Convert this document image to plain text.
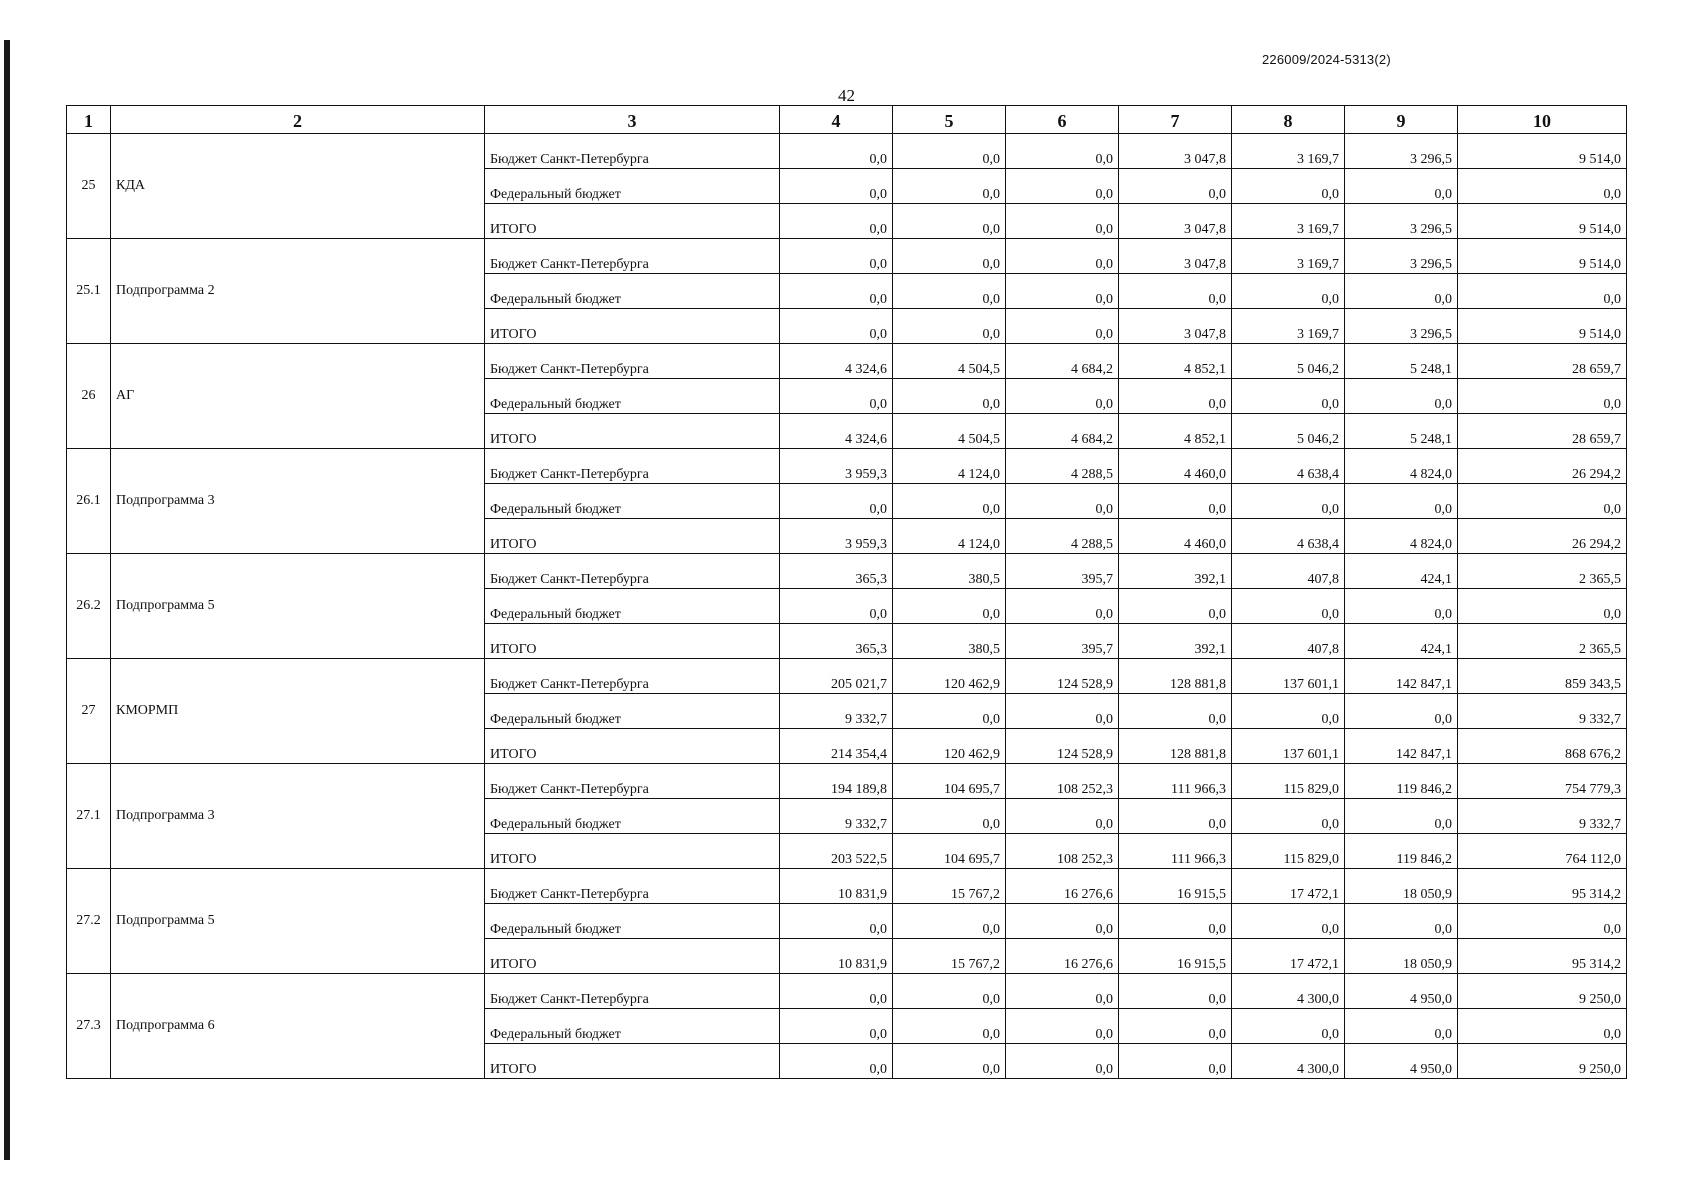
226009/2024-5313(2)
42
1	2	3	4	5	6	7	8	9	10
25	КДА	Бюджет Санкт-Петербурга	0,0	0,0	0,0	3 047,8	3 169,7	3 296,5	9 514,0
		Федеральный бюджет	0,0	0,0	0,0	0,0	0,0	0,0	0,0
		ИТОГО	0,0	0,0	0,0	3 047,8	3 169,7	3 296,5	9 514,0
25.1	Подпрограмма 2	Бюджет Санкт-Петербурга	0,0	0,0	0,0	3 047,8	3 169,7	3 296,5	9 514,0
		Федеральный бюджет	0,0	0,0	0,0	0,0	0,0	0,0	0,0
		ИТОГО	0,0	0,0	0,0	3 047,8	3 169,7	3 296,5	9 514,0
26	АГ	Бюджет Санкт-Петербурга	4 324,6	4 504,5	4 684,2	4 852,1	5 046,2	5 248,1	28 659,7
		Федеральный бюджет	0,0	0,0	0,0	0,0	0,0	0,0	0,0
		ИТОГО	4 324,6	4 504,5	4 684,2	4 852,1	5 046,2	5 248,1	28 659,7
26.1	Подпрограмма 3	Бюджет Санкт-Петербурга	3 959,3	4 124,0	4 288,5	4 460,0	4 638,4	4 824,0	26 294,2
		Федеральный бюджет	0,0	0,0	0,0	0,0	0,0	0,0	0,0
		ИТОГО	3 959,3	4 124,0	4 288,5	4 460,0	4 638,4	4 824,0	26 294,2
26.2	Подпрограмма 5	Бюджет Санкт-Петербурга	365,3	380,5	395,7	392,1	407,8	424,1	2 365,5
		Федеральный бюджет	0,0	0,0	0,0	0,0	0,0	0,0	0,0
		ИТОГО	365,3	380,5	395,7	392,1	407,8	424,1	2 365,5
27	КМОРМП	Бюджет Санкт-Петербурга	205 021,7	120 462,9	124 528,9	128 881,8	137 601,1	142 847,1	859 343,5
		Федеральный бюджет	9 332,7	0,0	0,0	0,0	0,0	0,0	9 332,7
		ИТОГО	214 354,4	120 462,9	124 528,9	128 881,8	137 601,1	142 847,1	868 676,2
27.1	Подпрограмма 3	Бюджет Санкт-Петербурга	194 189,8	104 695,7	108 252,3	111 966,3	115 829,0	119 846,2	754 779,3
		Федеральный бюджет	9 332,7	0,0	0,0	0,0	0,0	0,0	9 332,7
		ИТОГО	203 522,5	104 695,7	108 252,3	111 966,3	115 829,0	119 846,2	764 112,0
27.2	Подпрограмма 5	Бюджет Санкт-Петербурга	10 831,9	15 767,2	16 276,6	16 915,5	17 472,1	18 050,9	95 314,2
		Федеральный бюджет	0,0	0,0	0,0	0,0	0,0	0,0	0,0
		ИТОГО	10 831,9	15 767,2	16 276,6	16 915,5	17 472,1	18 050,9	95 314,2
27.3	Подпрограмма 6	Бюджет Санкт-Петербурга	0,0	0,0	0,0	0,0	4 300,0	4 950,0	9 250,0
		Федеральный бюджет	0,0	0,0	0,0	0,0	0,0	0,0	0,0
		ИТОГО	0,0	0,0	0,0	0,0	4 300,0	4 950,0	9 250,0
